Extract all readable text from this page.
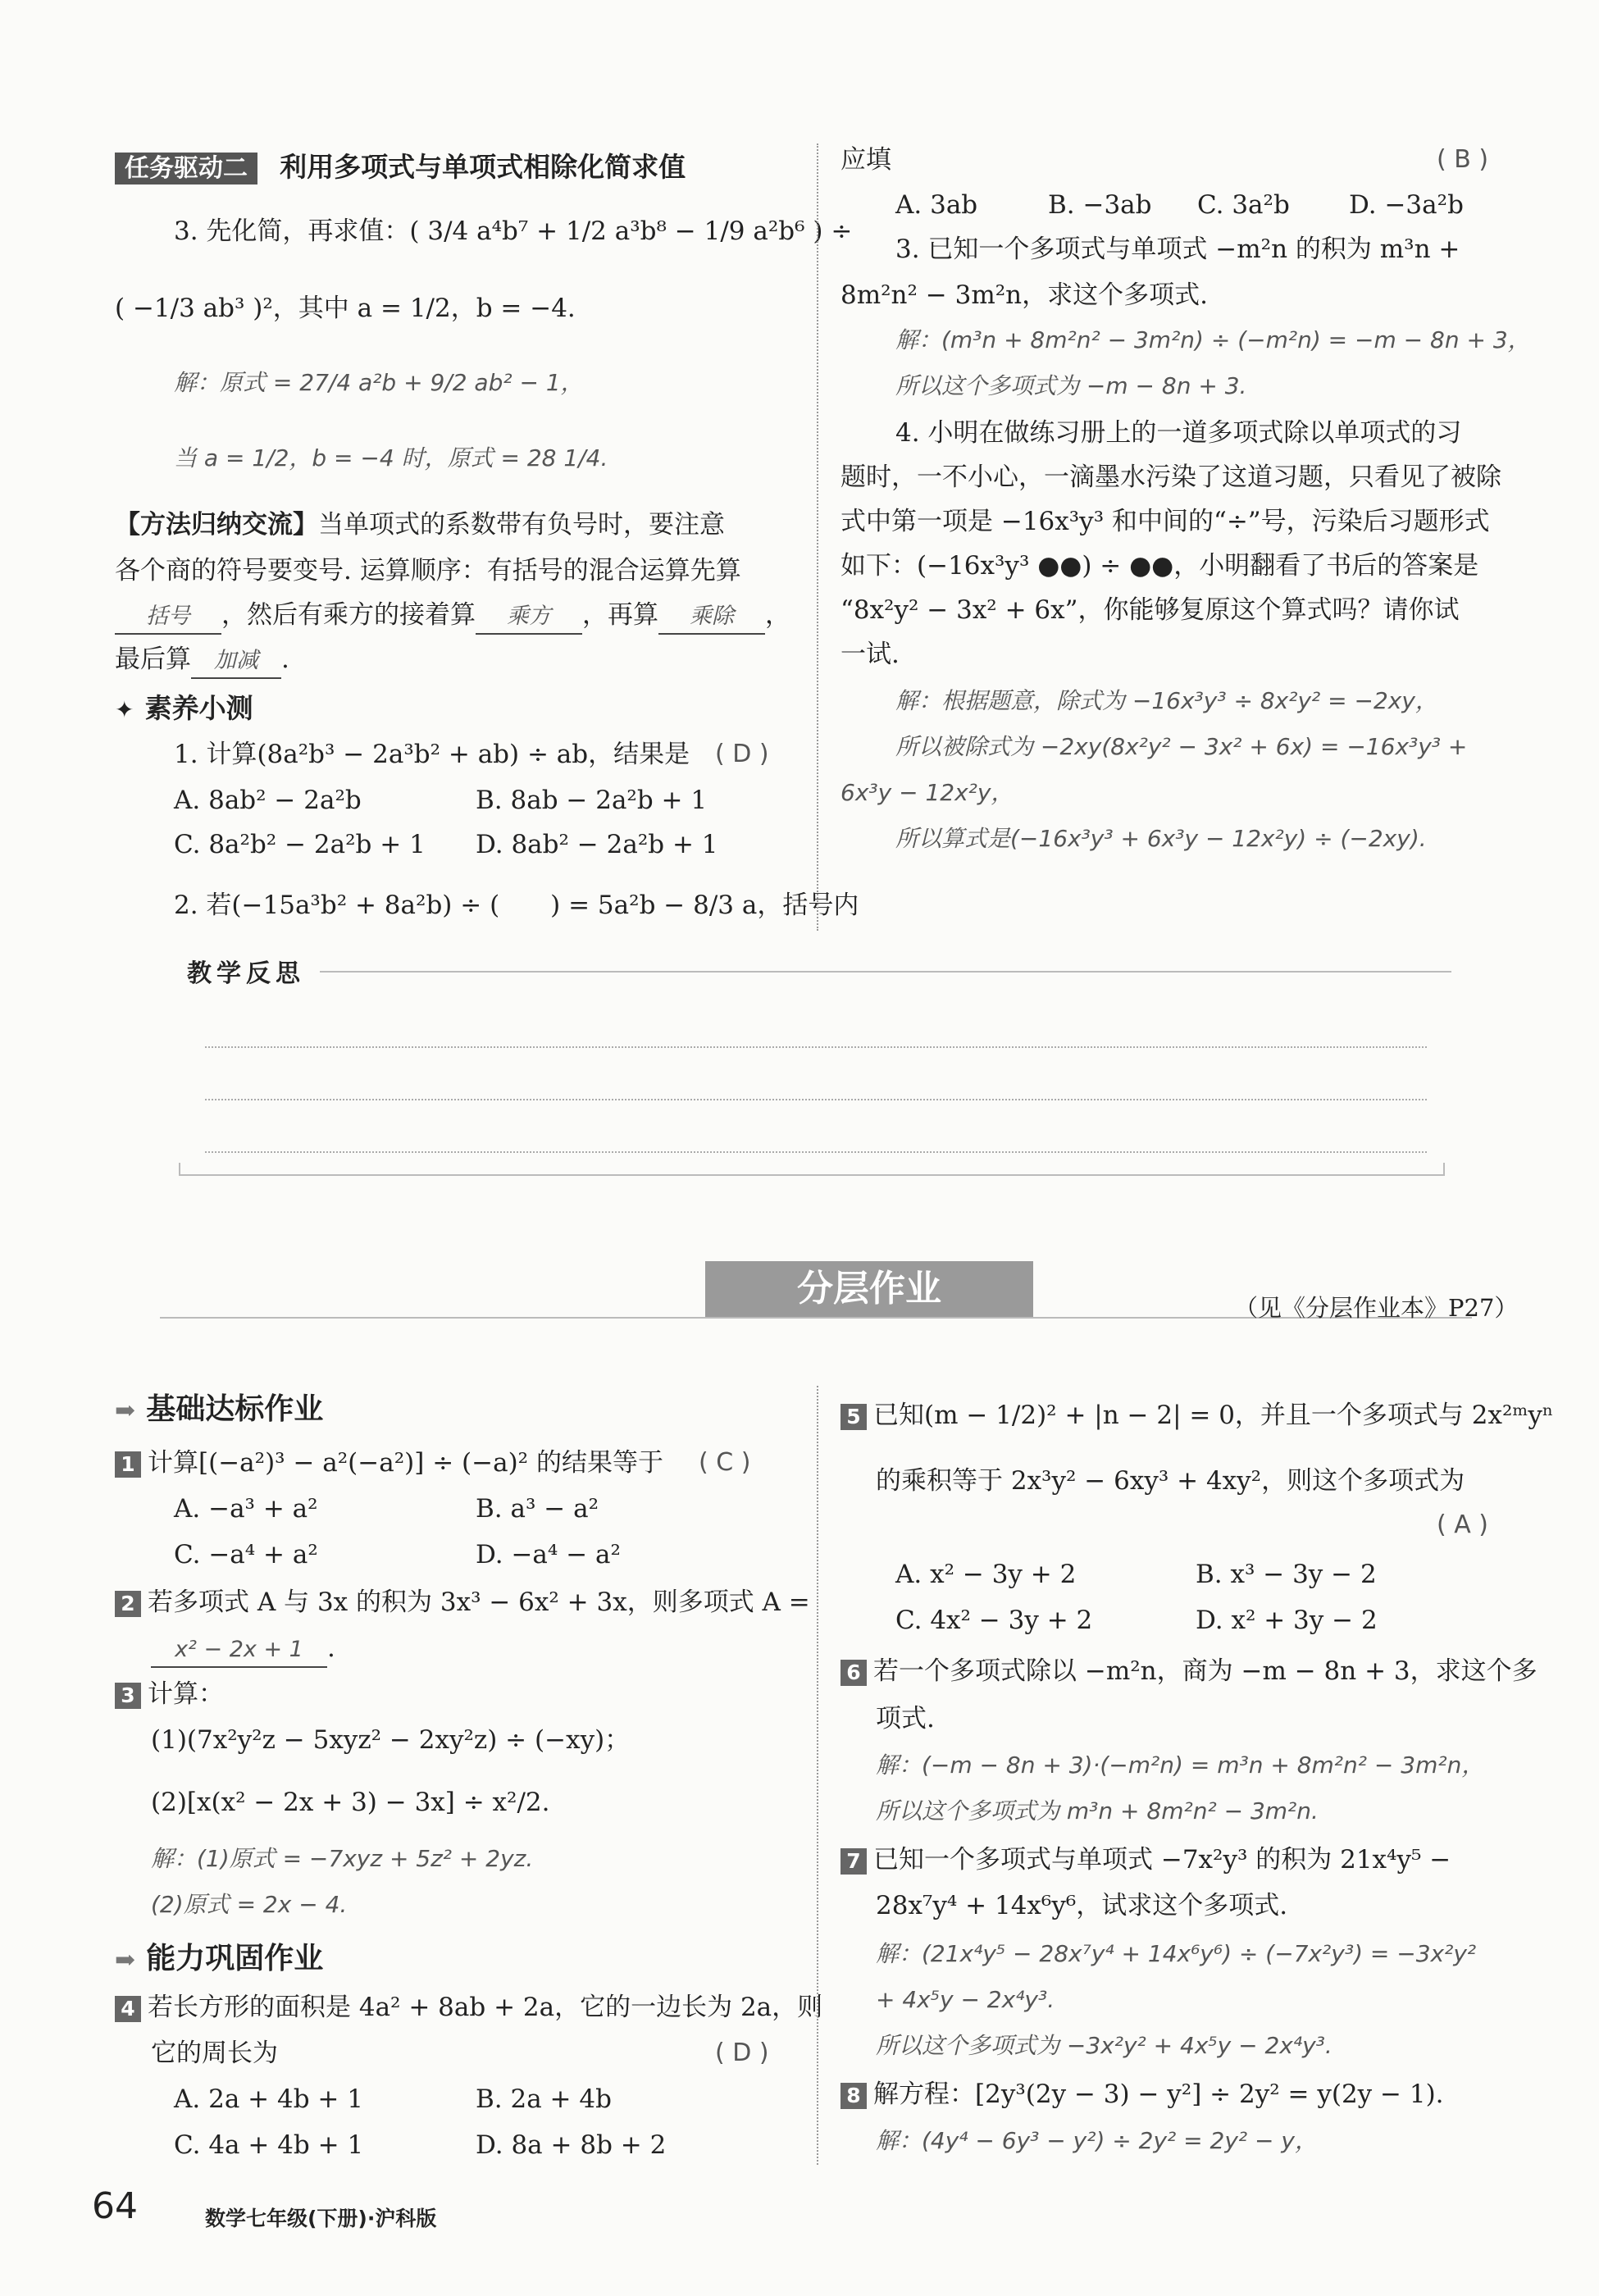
任务驱动二 利用多项式与单项式相除化简求值
3. 先化简，再求值：( 3/4 a⁴b⁷ + 1/2 a³b⁸ − 1/9 a²b⁶ ) ÷
( −1/3 ab³ )²，其中 a = 1/2，b = −4.
解：原式 = 27/4 a²b + 9/2 ab² − 1，
当 a = 1/2，b = −4 时，原式 = 28 1/4.
【方法归纳交流】当单项式的系数带有负号时，要注意
各个商的符号要变号. 运算顺序：有括号的混合运算先算
括号 ，然后有乘方的接着算 乘方 ，再算 乘除 ，
最后算 加减 .
✦ 素养小测
1. 计算(8a²b³ − 2a³b² + ab) ÷ ab，结果是 ( D )
A. 8ab² − 2a²b	B. 8ab − 2a²b + 1
C. 8a²b² − 2a²b + 1 D. 8ab² − 2a²b + 1
2. 若(−15a³b² + 8a²b) ÷ (　　) = 5a²b − 8/3 a，括号内
应填	( B )
A. 3ab	B. −3ab C. 3a²b D. −3a²b
3. 已知一个多项式与单项式 −m²n 的积为 m³n +
8m²n² − 3m²n，求这个多项式.
解：(m³n + 8m²n² − 3m²n) ÷ (−m²n) = −m − 8n + 3，
所以这个多项式为 −m − 8n + 3.
4. 小明在做练习册上的一道多项式除以单项式的习
题时，一不小心，一滴墨水污染了这道习题，只看见了被除
式中第一项是 −16x³y³ 和中间的“÷”号，污染后习题形式
如下：(−16x³y³ ●●) ÷ ●●，小明翻看了书后的答案是
“8x²y² − 3x² + 6x”，你能够复原这个算式吗？请你试
一试.
解：根据题意，除式为 −16x³y³ ÷ 8x²y² = −2xy，
所以被除式为 −2xy(8x²y² − 3x² + 6x) = −16x³y³ +
6x³y − 12x²y，
所以算式是(−16x³y³ + 6x³y − 12x²y) ÷ (−2xy).
教学反思
分层作业	（见《分层作业本》P27）
➡ 基础达标作业
1 计算[(−a²)³ − a²(−a²)] ÷ (−a)² 的结果等于 ( C )
A. −a³ + a²	B. a³ − a²
C. −a⁴ + a²	D. −a⁴ − a²
2 若多项式 A 与 3x 的积为 3x³ − 6x² + 3x，则多项式 A =
x² − 2x + 1 .
3 计算：
(1)(7x²y²z − 5xyz² − 2xy²z) ÷ (−xy)；
(2)[x(x² − 2x + 3) − 3x] ÷ x²/2.
解：(1)原式 = −7xyz + 5z² + 2yz.
(2)原式 = 2x − 4.
➡ 能力巩固作业
4 若长方形的面积是 4a² + 8ab + 2a，它的一边长为 2a，则
它的周长为	( D )
A. 2a + 4b + 1	B. 2a + 4b
C. 4a + 4b + 1	D. 8a + 8b + 2
5 已知(m − 1/2)² + |n − 2| = 0，并且一个多项式与 2x²ᵐyⁿ
的乘积等于 2x³y² − 6xy³ + 4xy²，则这个多项式为
( A )
A. x² − 3y + 2	B. x³ − 3y − 2
C. 4x² − 3y + 2	D. x² + 3y − 2
6 若一个多项式除以 −m²n，商为 −m − 8n + 3，求这个多
项式.
解：(−m − 8n + 3)·(−m²n) = m³n + 8m²n² − 3m²n，
所以这个多项式为 m³n + 8m²n² − 3m²n.
7 已知一个多项式与单项式 −7x²y³ 的积为 21x⁴y⁵ −
28x⁷y⁴ + 14x⁶y⁶，试求这个多项式.
解：(21x⁴y⁵ − 28x⁷y⁴ + 14x⁶y⁶) ÷ (−7x²y³) = −3x²y²
+ 4x⁵y − 2x⁴y³.
所以这个多项式为 −3x²y² + 4x⁵y − 2x⁴y³.
8 解方程：[2y³(2y − 3) − y²] ÷ 2y² = y(2y − 1).
解：(4y⁴ − 6y³ − y²) ÷ 2y² = 2y² − y，
64	数学七年级(下册)·沪科版
